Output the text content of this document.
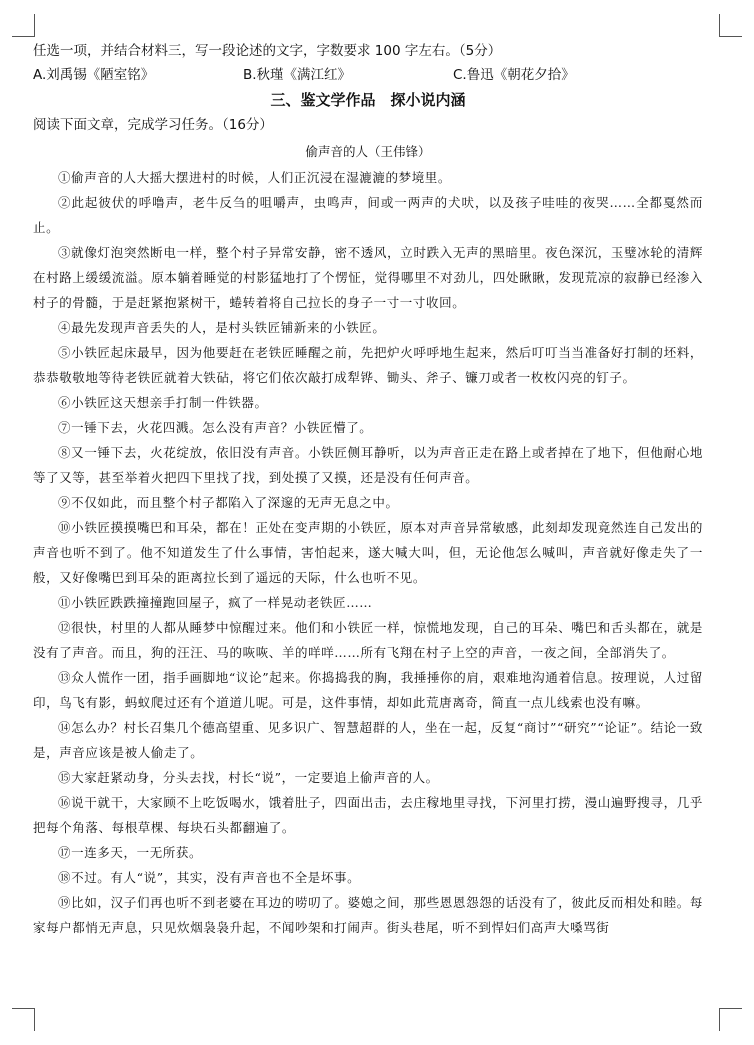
任选一项，并结合材料三，写一段论述的文字，字数要求 100 字左右。（5分）
A.刘禹锡《陋室铭》	B.秋瑾《满江红》	C.鲁迅《朝花夕拾》
三、鉴文学作品　探小说内涵
阅读下面文章，完成学习任务。（16分）
偷声音的人（王伟锋）

①偷声音的人大摇大摆进村的时候，人们正沉浸在湿漉漉的梦境里。

②此起彼伏的呼噜声，老牛反刍的咀嚼声，虫鸣声，间或一两声的犬吠，以及孩子哇哇的夜哭……全都戛然而止。

③就像灯泡突然断电一样，整个村子异常安静，密不透风，立时跌入无声的黑暗里。夜色深沉，玉璧冰轮的清辉在村路上缓缓流溢。原本躺着睡觉的村影猛地打了个愣怔，觉得哪里不对劲儿，四处瞅瞅，发现荒凉的寂静已经渗入村子的骨髓，于是赶紧抱紧树干，蜷转着将自己拉长的身子一寸一寸收回。

④最先发现声音丢失的人，是村头铁匠铺新来的小铁匠。

⑤小铁匠起床最早，因为他要赶在老铁匠睡醒之前，先把炉火呼呼地生起来，然后叮叮当当准备好打制的坯料，恭恭敬敬地等待老铁匠就着大铁砧，将它们依次敲打成犁铧、锄头、斧子、镰刀或者一枚枚闪亮的钉子。

⑥小铁匠这天想亲手打制一件铁器。

⑦一锤下去，火花四溅。怎么没有声音？小铁匠懵了。

⑧又一锤下去，火花绽放，依旧没有声音。小铁匠侧耳静听，以为声音正走在路上或者掉在了地下，但他耐心地等了又等，甚至举着火把四下里找了找，到处摸了又摸，还是没有任何声音。

⑨不仅如此，而且整个村子都陷入了深邃的无声无息之中。

⑩小铁匠摸摸嘴巴和耳朵，都在！正处在变声期的小铁匠，原本对声音异常敏感，此刻却发现竟然连自己发出的声音也听不到了。他不知道发生了什么事情，害怕起来，遂大喊大叫，但，无论他怎么喊叫，声音就好像走失了一般，又好像嘴巴到耳朵的距离拉长到了遥远的天际，什么也听不见。

⑪小铁匠跌跌撞撞跑回屋子，疯了一样晃动老铁匠……

⑫很快，村里的人都从睡梦中惊醒过来。他们和小铁匠一样，惊慌地发现，自己的耳朵、嘴巴和舌头都在，就是没有了声音。而且，狗的汪汪、马的咴咴、羊的咩咩……所有飞翔在村子上空的声音，一夜之间，全部消失了。

⑬众人慌作一团，指手画脚地“议论”起来。你捣捣我的胸，我捶捶你的肩，艰难地沟通着信息。按理说，人过留印，鸟飞有影，蚂蚁爬过还有个道道儿呢。可是，这件事情，却如此荒唐离奇，简直一点儿线索也没有嘛。

⑭怎么办？村长召集几个德高望重、见多识广、智慧超群的人，坐在一起，反复“商讨”“研究”“论证”。结论一致是，声音应该是被人偷走了。

⑮大家赶紧动身，分头去找，村长“说”，一定要追上偷声音的人。

⑯说干就干，大家顾不上吃饭喝水，饿着肚子，四面出击，去庄稼地里寻找，下河里打捞，漫山遍野搜寻，几乎把每个角落、每根草棵、每块石头都翻遍了。

⑰一连多天，一无所获。

⑱不过。有人“说”，其实，没有声音也不全是坏事。

⑲比如，汉子们再也听不到老婆在耳边的唠叨了。婆媳之间，那些恩恩怨怨的话没有了，彼此反而相处和睦。每家每户都悄无声息，只见炊烟袅袅升起，不闻吵架和打闹声。街头巷尾，听不到悍妇们高声大嗓骂街
